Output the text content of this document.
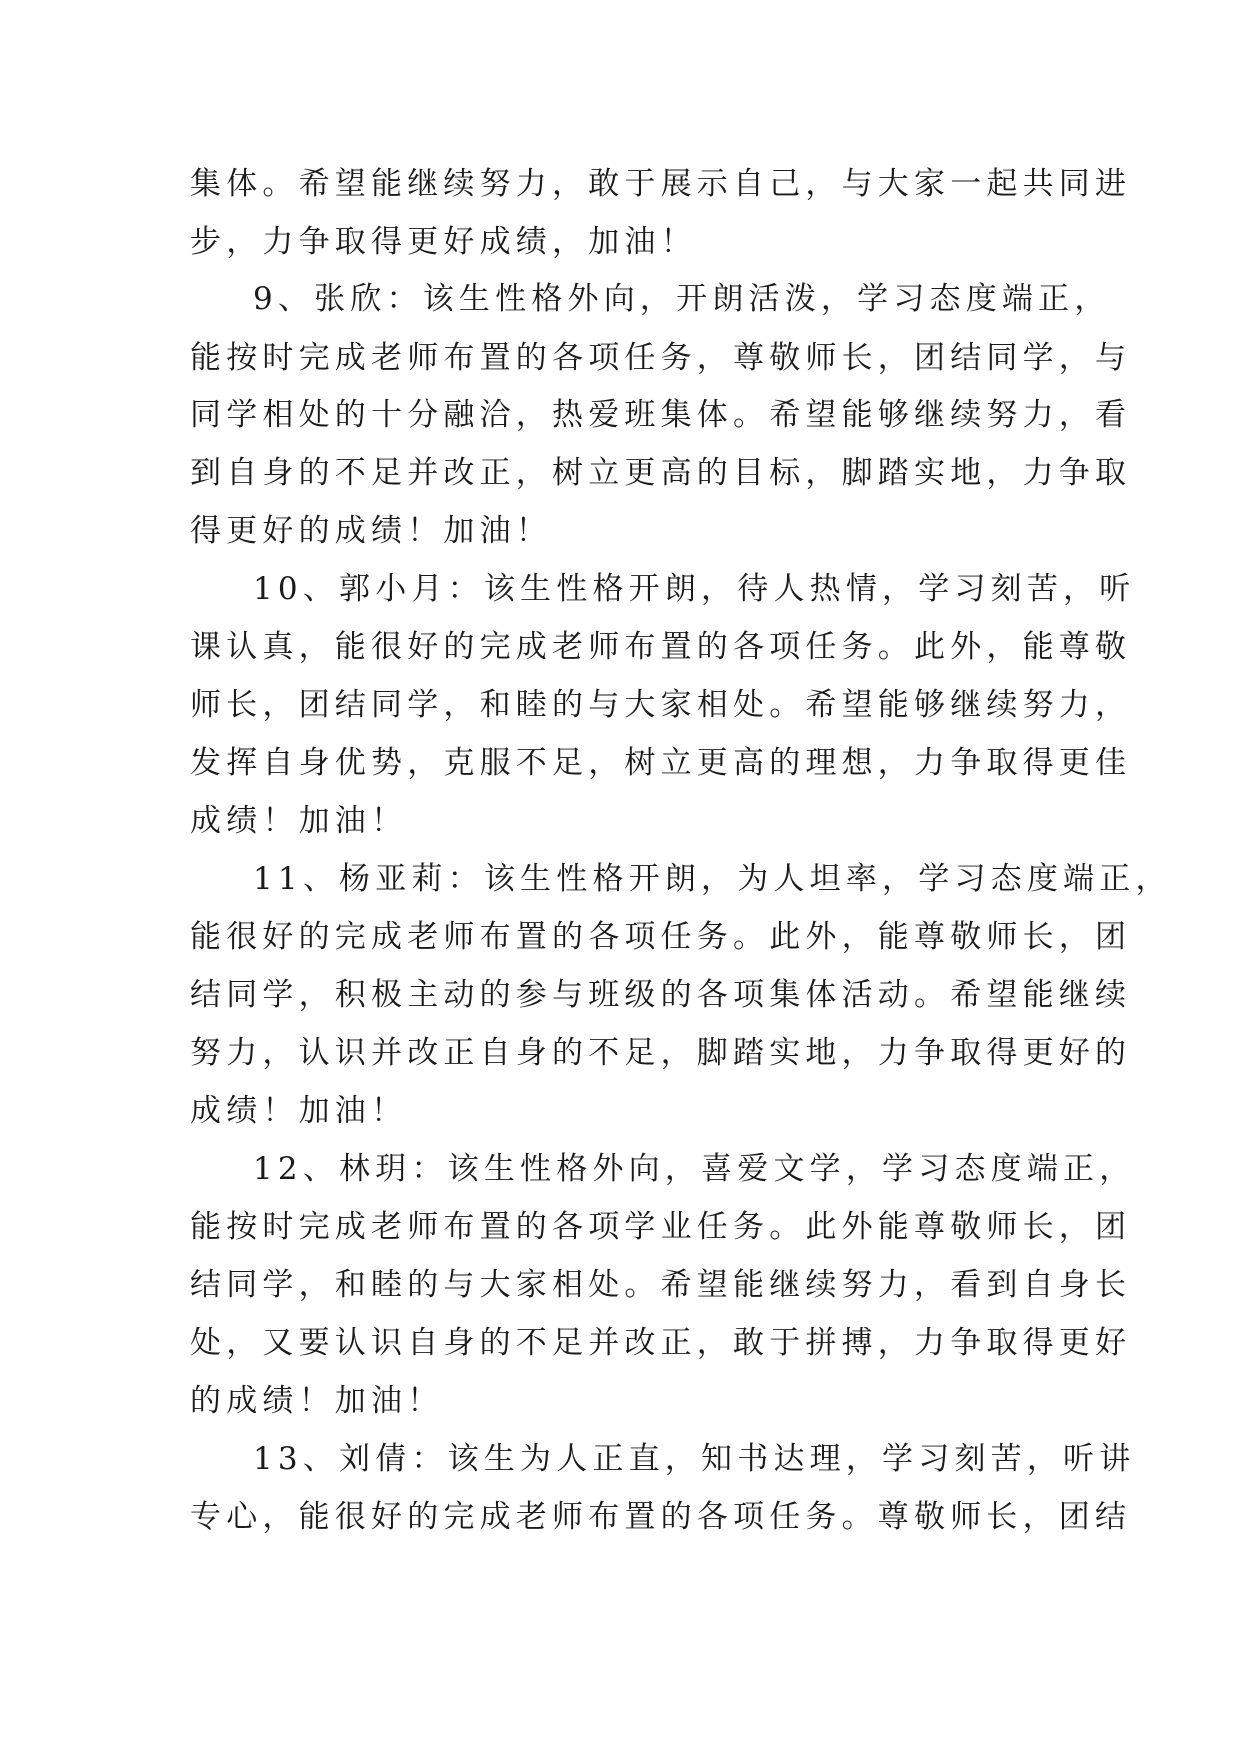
集体。希望能继续努力，敢于展示自己，与大家一起共同进
步，力争取得更好成绩，加油！
9、张欣：该生性格外向，开朗活泼，学习态度端正，
能按时完成老师布置的各项任务，尊敬师长，团结同学，与
同学相处的十分融洽，热爱班集体。希望能够继续努力，看
到自身的不足并改正，树立更高的目标，脚踏实地，力争取
得更好的成绩！加油！
10、郭小月：该生性格开朗，待人热情，学习刻苦，听
课认真，能很好的完成老师布置的各项任务。此外，能尊敬
师长，团结同学，和睦的与大家相处。希望能够继续努力，
发挥自身优势，克服不足，树立更高的理想，力争取得更佳
成绩！加油！
11、杨亚莉：该生性格开朗，为人坦率，学习态度端正，
能很好的完成老师布置的各项任务。此外，能尊敬师长，团
结同学，积极主动的参与班级的各项集体活动。希望能继续
努力，认识并改正自身的不足，脚踏实地，力争取得更好的
成绩！加油！
12、林玥：该生性格外向，喜爱文学，学习态度端正，
能按时完成老师布置的各项学业任务。此外能尊敬师长，团
结同学，和睦的与大家相处。希望能继续努力，看到自身长
处，又要认识自身的不足并改正，敢于拼搏，力争取得更好
的成绩！加油！
13、刘倩：该生为人正直，知书达理，学习刻苦，听讲
专心，能很好的完成老师布置的各项任务。尊敬师长，团结
